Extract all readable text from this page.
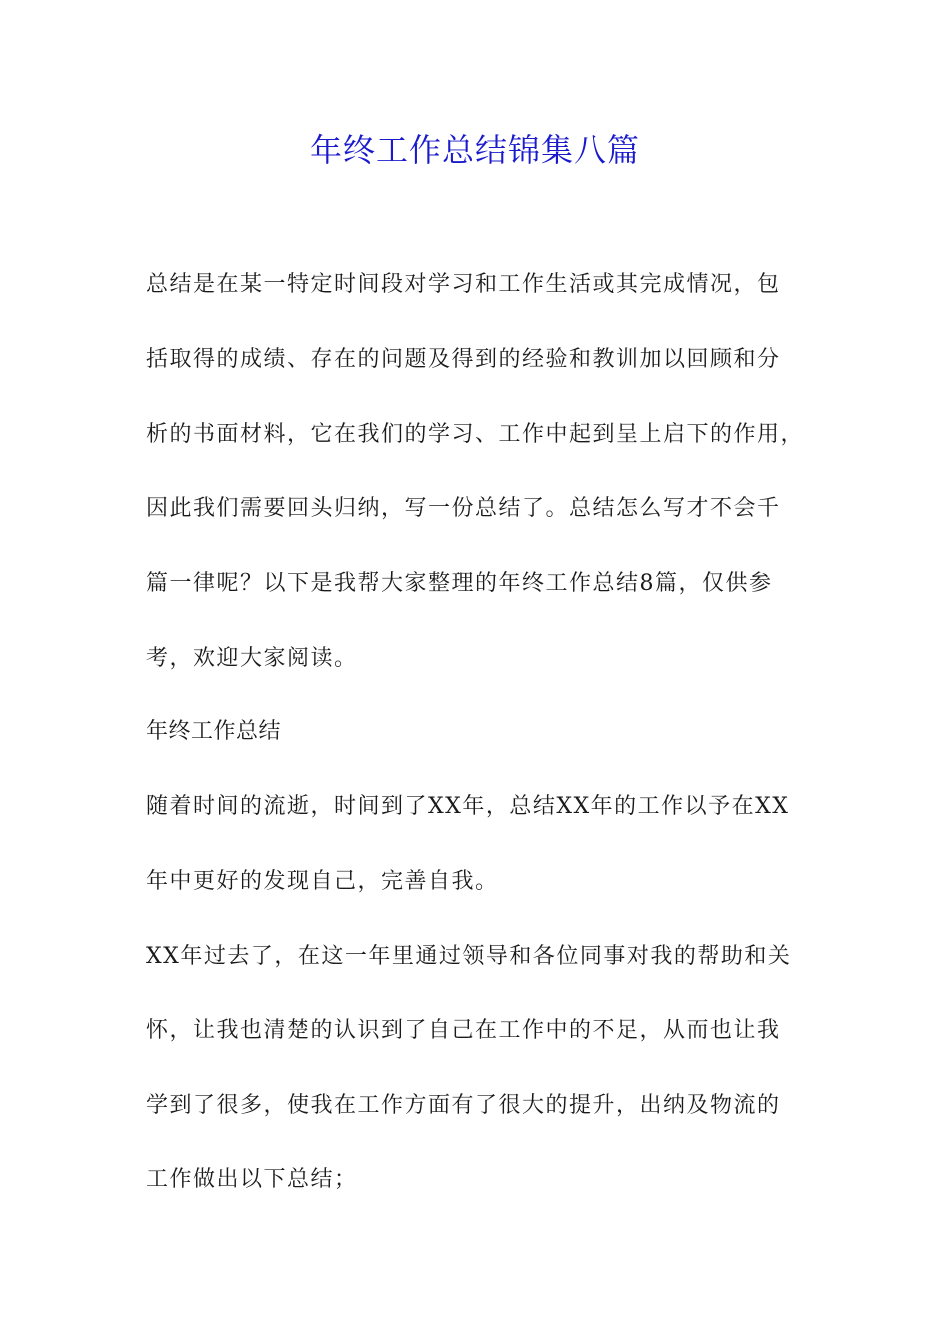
年终工作总结锦集八篇
总结是在某一特定时间段对学习和工作生活或其完成情况，包
括取得的成绩、存在的问题及得到的经验和教训加以回顾和分
析的书面材料，它在我们的学习、工作中起到呈上启下的作用，
因此我们需要回头归纳，写一份总结了。总结怎么写才不会千
篇一律呢？以下是我帮大家整理的年终工作总结8篇，仅供参
考，欢迎大家阅读。
年终工作总结
随着时间的流逝，时间到了XX年，总结XX年的工作以予在XX
年中更好的发现自己，完善自我。
XX年过去了，在这一年里通过领导和各位同事对我的帮助和关
怀，让我也清楚的认识到了自己在工作中的不足，从而也让我
学到了很多，使我在工作方面有了很大的提升，出纳及物流的
工作做出以下总结；
